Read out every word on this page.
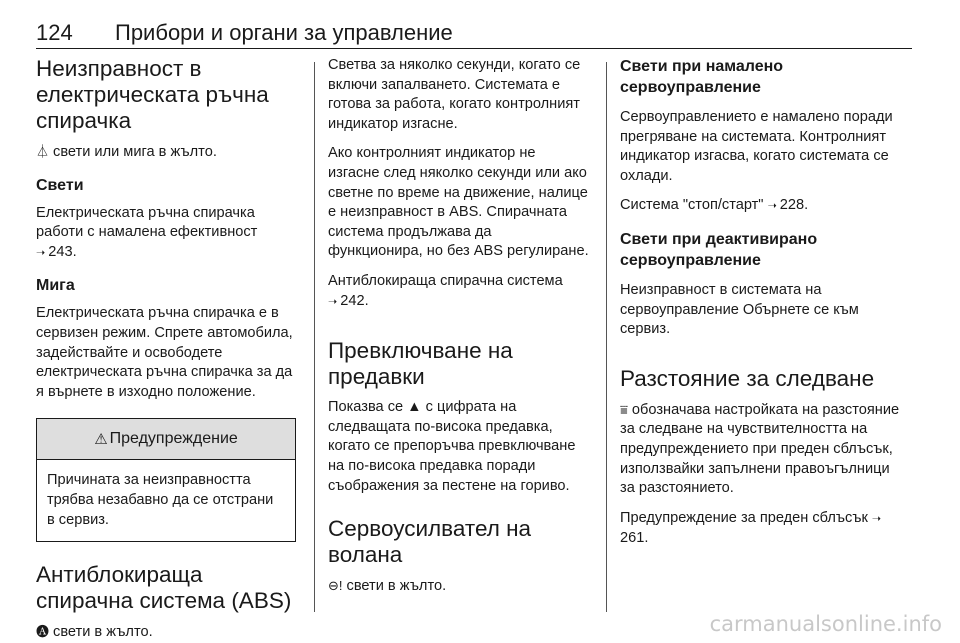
124 Прибори и органи за управление
Неизправност в електрическата ръчна спирачка

⏃ свети или мига в жълто.

Свети

Електрическата ръчна спирачка работи с намалена ефективност
➝ 243.

Мига

Електрическата ръчна спирачка е в сервизен режим. Спрете автомобила, задействайте и освободете електрическата ръчна спирачка за да я върнете в изходно положение.

⚠ Предупреждение
Причината за неизправността трябва незабавно да се отстрани в сервиз.
Антиблокираща спирачна система (ABS)

🅐 свети в жълто.

Светва за няколко секунди, когато се включи запалването. Системата е готова за работа, когато контролният индикатор изгасне.

Ако контролният индикатор не изгасне след няколко секунди или ако светне по време на движение, налице е неизправност в ABS. Спирачната система продължава да функционира, но без ABS регулиране.

Антиблокираща спирачна система
➝ 242.

Превключване на предавки

Показва се ▲ с цифрата на следващата по-висока предавка, когато се препоръчва превключване на по-висока предавка поради съображения за пестене на гориво.

Сервоусилвател на волана

⊖! свети в жълто.

Свети при намалено сервоуправление

Сервоуправлението е намалено поради прегряване на системата. Контролният индикатор изгасва, когато системата се охлади.

Система "стоп/старт" ➝ 228.

Свети при деактивирано сервоуправление

Неизправност в системата на сервоуправление Обърнете се към сервиз.

Разстояние за следване

⩸ обозначава настройката на разстояние за следване на чувствителността на предупреждението при преден сблъсък, използвайки запълнени правоъгълници за разстоянието.

Предупреждение за преден сблъсък ➝261.

carmanualsonline.info
